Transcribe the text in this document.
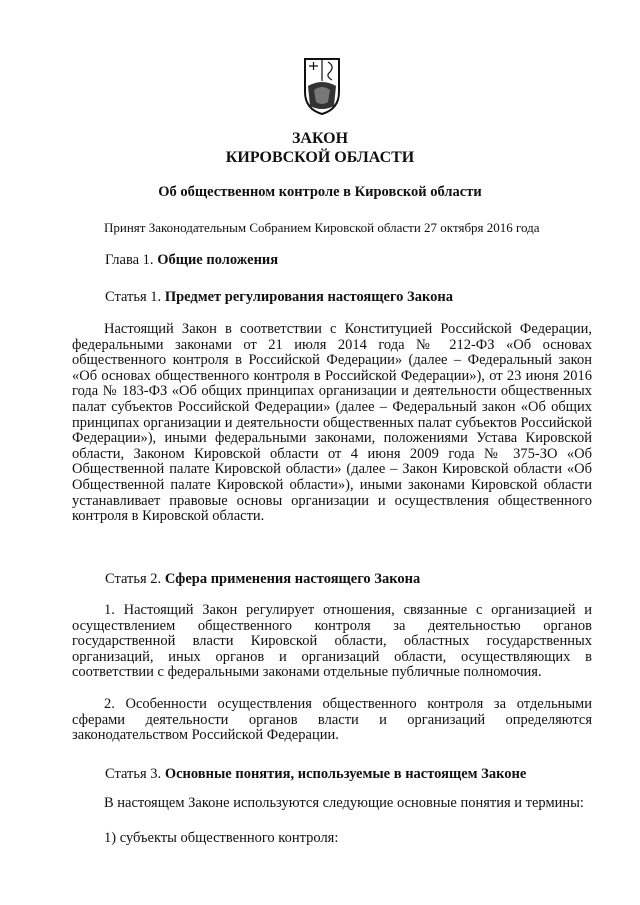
ЗАКОН
КИРОВСКОЙ ОБЛАСТИ
Об общественном контроле в Кировской области
Принят Законодательным Собранием Кировской области 27 октября 2016 года
Глава 1. Общие положения
Статья 1. Предмет регулирования настоящего Закона

Настоящий Закон в соответствии с Конституцией Российской Федерации, федеральными законами от 21 июля 2014 года № 212-ФЗ «Об основах общественного контроля в Российской Федерации» (далее – Федеральный закон «Об основах общественного контроля в Российской Федерации»), от 23 июня 2016 года № 183-ФЗ «Об общих принципах организации и деятельности общественных палат субъектов Российской Федерации» (далее – Федеральный закон «Об общих принципах организации и деятельности общественных палат субъектов Российской Федерации»), иными федеральными законами, положениями Устава Кировской области, Законом Кировской области от 4 июня 2009 года № 375-ЗО «Об Общественной палате Кировской области» (далее – Закон Кировской области «Об Общественной палате Кировской области»), иными законами Кировской области устанавливает правовые основы организации и осуществления общественного контроля в Кировской области.

Статья 2. Сфера применения настоящего Закона

1. Настоящий Закон регулирует отношения, связанные с организацией и осуществлением общественного контроля за деятельностью органов государственной власти Кировской области, областных государственных организаций, иных органов и организаций области, осуществляющих в соответствии с федеральными законами отдельные публичные полномочия.

2. Особенности осуществления общественного контроля за отдельными сферами деятельности органов власти и организаций определяются законодательством Российской Федерации.

Статья 3. Основные понятия, используемые в настоящем Законе

В настоящем Законе используются следующие основные понятия и термины:

1) субъекты общественного контроля:
